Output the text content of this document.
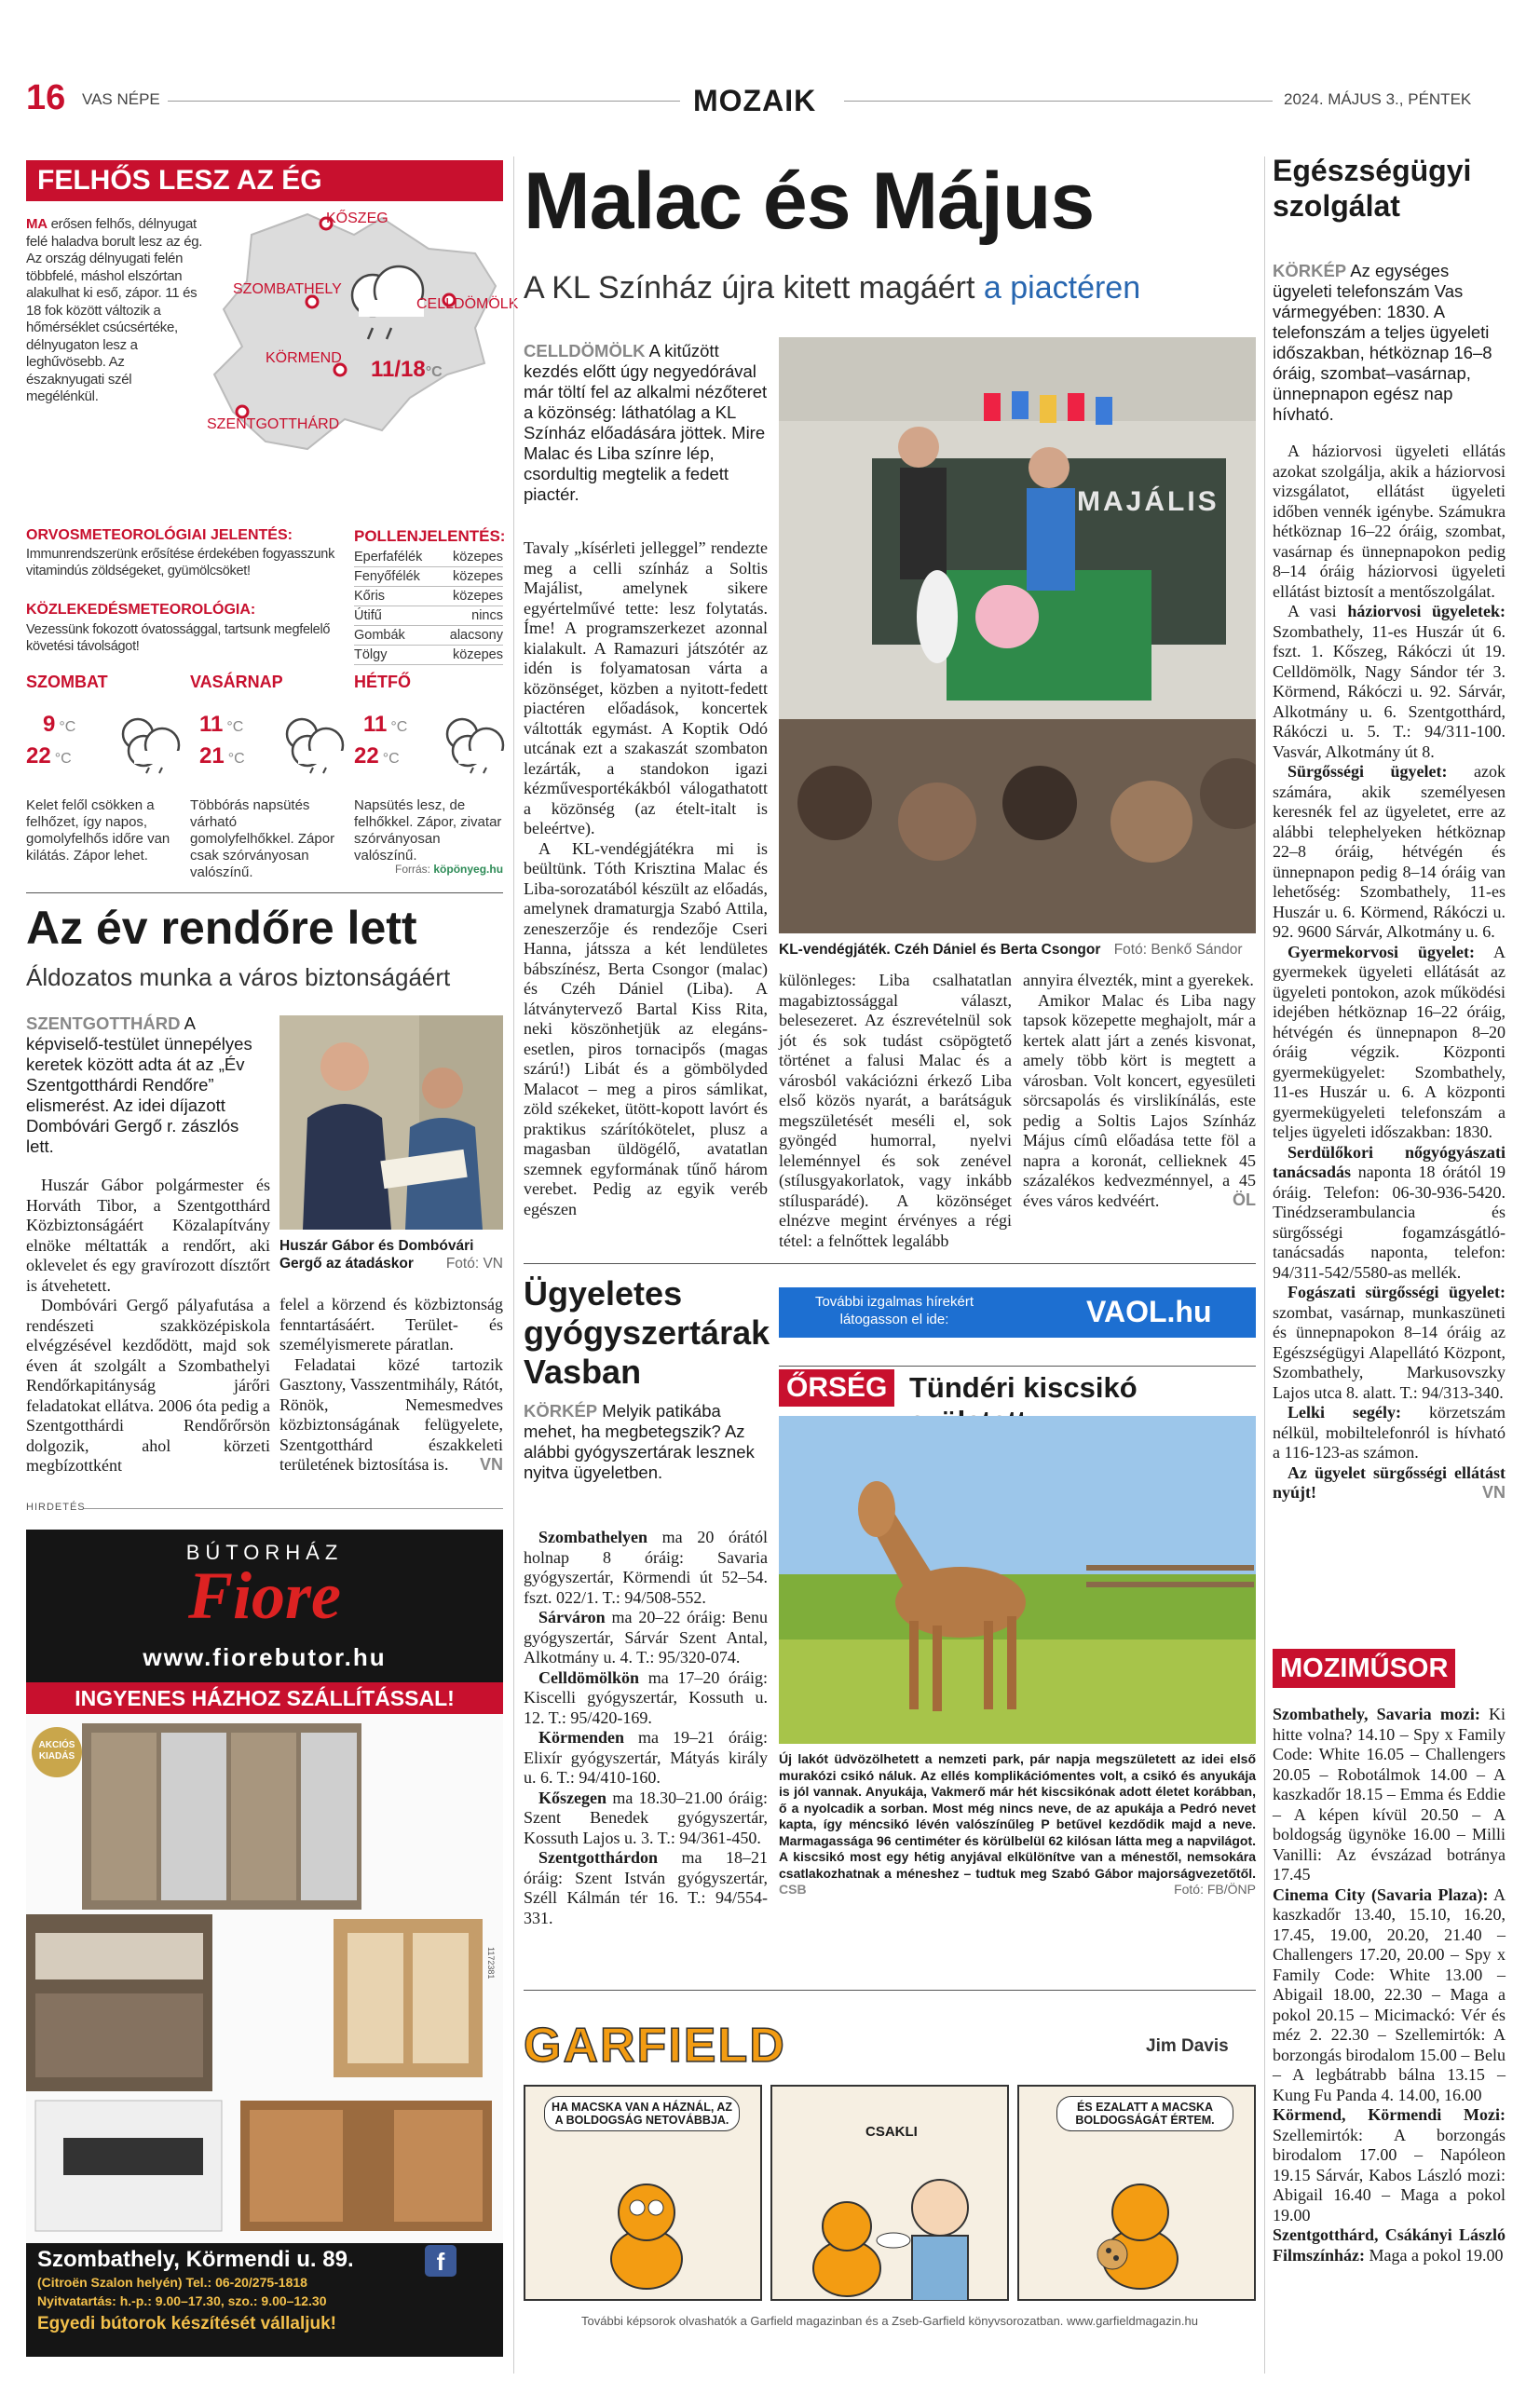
16 VAS NÉPE	MOZAIK	2024. MÁJUS 3., PÉNTEK
FELHŐS LESZ AZ ÉG
MA erősen felhős, délnyugat felé haladva borult lesz az ég. Az ország délnyugati felén többfelé, máshol elszórtan alakulhat ki eső, zápor. 11 és 18 fok között változik a hőmérséklet csúcsértéke, délnyugaton lesz a leghűvösebb. Az északnyugati szél megélénkül.
KŐSZEG
SZOMBATHELY
CELLDÖMÖLK
KÖRMEND
SZENTGOTTHÁRD
11/18°C
ORVOSMETEOROLÓGIAI JELENTÉS:
Immunrendszerünk erősítése érdekében fogyasszunk vitamindús zöldségeket, gyümölcsöket!
KÖZLEKEDÉSMETEOROLÓGIA:
Vezessünk fokozott óvatossággal, tartsunk megfelelő követési távolságot!
POLLENJELENTÉS:
Eperfafélék közepes
Fenyőfélék közepes
Kőris	közepes
Útifű	nincs
Gombák	alacsony
Tölgy	közepes
SZOMBAT
9 °C
22 °C
Kelet felől csökken a felhőzet, így napos, gomolyfelhős időre van kilátás. Zápor lehet.
VASÁRNAP
11 °C
21 °C
Többórás napsütés várható gomolyfelhőkkel. Zápor csak szórványosan valószínű.
HÉTFŐ
11 °C
22 °C
Napsütés lesz, de felhőkkel. Zápor, zivatar szórványosan valószínű.
Forrás: köpönyeg.hu
Az év rendőre lett
Áldozatos munka a város biztonságáért
SZENTGOTTHÁRD A képviselő-testület ünnepélyes keretek között adta át az „Év Szentgotthárdi Rendőre” elismerést. Az idei díjazott Dombóvári Gergő r. zászlós lett.
Huszár Gábor és Dombóvári Gergő az átadáskor Fotó: VN

Huszár Gábor polgármester és Horváth Tibor, a Szentgotthárd Közbiztonságáért Közalapítvány elnöke méltatták a rendőrt, aki oklevelet és egy gravírozott dísztőrt is átvehetett.

Dombóvári Gergő pályafutása a rendészeti szakközépiskola elvégzésével kezdődött, majd sok éven át szolgált a Szombathelyi Rendőrkapitányság járőri feladatokat ellátva. 2006 óta pedig a Szentgotthárdi Rendőrőrsön dolgozik, ahol körzeti megbízottként

felel a körzend és közbiztonság fenntartásáért. Terület- és személyismerete páratlan.

Feladatai közé tartozik Gasztony, Vasszentmihály, Rátót, Rönök, Nemesmedves közbiztonságának felügyelete, Szentgotthárd északkeleti területének biztosítása is.	VN
HIRDETÉS
BÚTORHÁZ
Fiore
www.fiorebutor.hu
INGYENES HÁZHOZ SZÁLLÍTÁSSAL!
AKCIÓS KIADÁS
1172381
Szombathely, Körmendi u. 89.
(Citroën Szalon helyén) Tel.: 06-20/275-1818
Nyitvatartás: h.-p.: 9.00–17.30, szo.: 9.00–12.30
Egyedi bútorok készítését vállaljuk!
f
Malac és Május
A KL Színház újra kitett magáért a piactéren
CELLDÖMÖLK A kitűzött kezdés előtt úgy negyedórával már töltí fel az alkalmi nézőteret a közönség: láthatólag a KL Színház előadására jöttek. Mire Malac és Liba színre lép, csordultig megtelik a fedett piactér.

Tavaly „kísérleti jelleggel” rendezte meg a celli színház a Soltis Majálist, amelynek sikere egyértelművé tette: lesz folytatás. Íme! A programszerkezet azonnal kialakult. A Ramazuri játszótér az idén is folyamatosan várta a közönséget, közben a nyitott-fedett piactéren előadások, koncertek váltották egymást. A Koptik Odó utcának ezt a szakaszát szombaton lezárták, a standokon igazi kézművesportékákból válogathatott a közönség (az ételt-italt is beleértve).

A KL-vendégjátékra mi is beültünk. Tóth Krisztina Malac és Liba-sorozatából készült az előadás, amelynek dramaturgja Szabó Attila, zeneszerzője és rendezője Cseri Hanna, játssza a két lendületes bábszínész, Berta Csongor (malac) és Czéh Dániel (Liba). A látványtervező Bartal Kiss Rita, neki köszönhetjük az elegáns-esetlen, piros tornacipős (magas szárú!) Libát és a gömbölyded Malacot – meg a piros sámlikat, zöld székeket, ütött-kopott lavórt és praktikus szárítókötelet, plusz a magasban üldögélő, avatatlan szemnek egyformának tűnő három verebet. Pedig az egyik veréb egészen

MAJÁLIS
KL-vendégjáték. Czéh Dániel és Berta Csongor Fotó: Benkő Sándor

különleges: Liba csalhatatlan magabiztossággal választ, belesezeret. Az észrevételnül sok jót és sok tudást csöpögtető történet a falusi Malac és a városból vakációzni érkező Liba első közös nyarát, a barátságuk megszületését meséli el, sok gyöngéd humorral, nyelvi leleménnyel és sok zenével (stílusgyakorlatok, vagy inkább stílusparádé). A közönséget elnézve megint érvényes a régi tétel: a felnőttek legalább

annyira élvezték, mint a gyerekek.

Amikor Malac és Liba nagy tapsok közepette meghajolt, már a kertek alatt járt a zenés kisvonat, amely több kört is megtett a városban. Volt koncert, egyesületi sörcsapolás és virslikínálás, este pedig a Soltis Lajos Színház Május címû előadása tette föl a napra a koronát, cellieknek 45 százalékos kedvezménnyel, a 45 éves város kedvéért.	ÖL
Ügyeletes gyógyszertárak Vasban
KÖRKÉP Melyik patikába mehet, ha megbetegszik? Az alábbi gyógyszertárak lesznek nyitva ügyeletben.

Szombathelyen ma 20 órától holnap 8 óráig: Savaria gyógyszertár, Körmendi út 52–54. fszt. 022/1. T.: 94/508-552.

Sárváron ma 20–22 óráig: Benu gyógyszertár, Sárvár Szent Antal, Alkotmány u. 4. T.: 95/320-074.

Celldömölkön ma 17–20 óráig: Kiscelli gyógyszertár, Kossuth u. 12. T.: 95/420-169.

Körmenden ma 19–21 óráig: Elixír gyógyszertár, Mátyás király u. 6. T.: 94/410-160.

Kőszegen ma 18.30–21.00 óráig: Szent Benedek gyógyszertár, Kossuth Lajos u. 3. T.: 94/361-450.

Szentgotthárdon ma 18–21 óráig: Szent István gyógyszertár, Széll Kálmán tér 16. T.: 94/554-331.

További izgalmas hírekért
látogasson el ide:	VAOL.hu
ŐRSÉG Tündéri kiscsikó
Új lakót üdvözölhetett a nemzeti park, pár napja megszületett az idei első murakózi csikó náluk. Az ellés komplikációmentes volt, a csikó és anyukája is jól vannak. Anyukája, Vakmerő már hét kiscsikónak adott életet korábban, ő a nyolcadik a sorban. Most még nincs neve, de az apukája a Pedró nevet kapta, így méncsikó lévén valószínűleg P betűvel kezdődik majd a neve. Marmagassága 96 centiméter és körülbelül 62 kilósan látta meg a napvilágot. A kiscsikó most egy hétig anyjával elkülönítve van a ménestől, nemsokára csatlakozhatnak a méneshez – tudtuk meg Szabó Gábor majorságvezetőtől. CSB	Fotó: FB/ÖNP
GARFIELD	Jim Davis
HA MACSKA VAN A HÁZNÁL, AZ A BOLDOGSÁG NETOVÁBBJA.
CSAKLI
ÉS EZALATT A MACSKA BOLDOGSÁGÁT ÉRTEM.
További képsorok olvashatók a Garfield magazinban és a Zseb-Garfield könyvsorozatban. www.garfieldmagazin.hu
Egészségügyi szolgálat
KÖRKÉP Az egységes ügyeleti telefonszám Vas vármegyében: 1830. A telefonszám a teljes ügyeleti időszakban, hétköznap 16–8 óráig, szombat–vasárnap, ünnepnapon egész nap hívható.

A háziorvosi ügyeleti ellátás azokat szolgálja, akik a háziorvosi vizsgálatot, ellátást ügyeleti időben vennék igénybe. Számukra hétköznap 16–22 óráig, szombat, vasárnap és ünnepnapokon pedig 8–14 óráig háziorvosi ügyeleti ellátást biztosít a mentőszolgálat.

A vasi háziorvosi ügyeletek: Szombathely, 11-es Huszár út 6. fszt. 1. Kőszeg, Rákóczi út 19. Celldömölk, Nagy Sándor tér 3. Körmend, Rákóczi u. 92. Sárvár, Alkotmány u. 6. Szentgotthárd, Rákóczi u. 5. T.: 94/311-100. Vasvár, Alkotmány út 8.

Sürgősségi ügyelet: azok számára, akik személyesen keresnék fel az ügyeletet, erre az alábbi telephelyeken hétköznap 22–8 óráig, hétvégén és ünnepnapon pedig 8–14 óráig van lehetőség: Szombathely, 11-es Huszár u. 6. Körmend, Rákóczi u. 92. 9600 Sárvár, Alkotmány u. 6.

Gyermekorvosi ügyelet: A gyermekek ügyeleti ellátását az ügyeleti pontokon, azok működési idejében hétköznap 16–22 óráig, hétvégén és ünnepnapon 8–20 óráig végzik. Központi gyermekügyelet: Szombathely, 11-es Huszár u. 6. A központi gyermekügyeleti telefonszám a teljes ügyeleti időszakban: 1830.

Serdülőkori nőgyógyászati tanácsadás naponta 18 órától 19 óráig. Telefon: 06-30-936-5420. Tinédzserambulancia és sürgősségi fogamzásgátló-tanácsadás naponta, telefon: 94/311-542/5580-as mellék.

Fogászati sürgősségi ügyelet: szombat, vasárnap, munkaszüneti és ünnepnapokon 8–14 óráig az Egészségügyi Alapellátó Központ, Szombathely, Markusovszky Lajos utca 8. alatt. T.: 94/313-340.

Lelki segély: körzetszám nélkül, mobiltelefonról is hívható a 116-123-as számon.

Az ügyelet sürgősségi ellátást nyújt!	VN
MOZIMŰSOR

Szombathely, Savaria mozi: Ki hitte volna? 14.10 – Spy x Family Code: White 16.05 – Challengers 20.05 – Robotálmok 14.00 – A kaszkadőr 18.15 – Emma és Eddie – A képen kívül 20.50 – A boldogság ügynöke 16.00 – Milli Vanilli: Az évszázad botránya 17.45

Cinema City (Savaria Plaza): A kaszkadőr 13.40, 15.10, 16.20, 17.45, 19.00, 20.20, 21.40 – Challengers 17.20, 20.00 – Spy x Family Code: White 13.00 – Abigail 18.00, 22.30 – Maga a pokol 20.15 – Micimackó: Vér és méz 2. 22.30 – Szellemirtók: A borzongás birodalom 15.00 – Belu – A legbátrabb bálna 13.15 – Kung Fu Panda 4. 14.00, 16.00

Körmend, Körmendi Mozi: Szellemirtók: A borzongás birodalom 17.00 – Napóleon 19.15 Sárvár, Kabos László mozi: Abigail 16.40 – Maga a pokol 19.00

Szentgotthárd, Csákányi László Filmszínház: Maga a pokol 19.00
